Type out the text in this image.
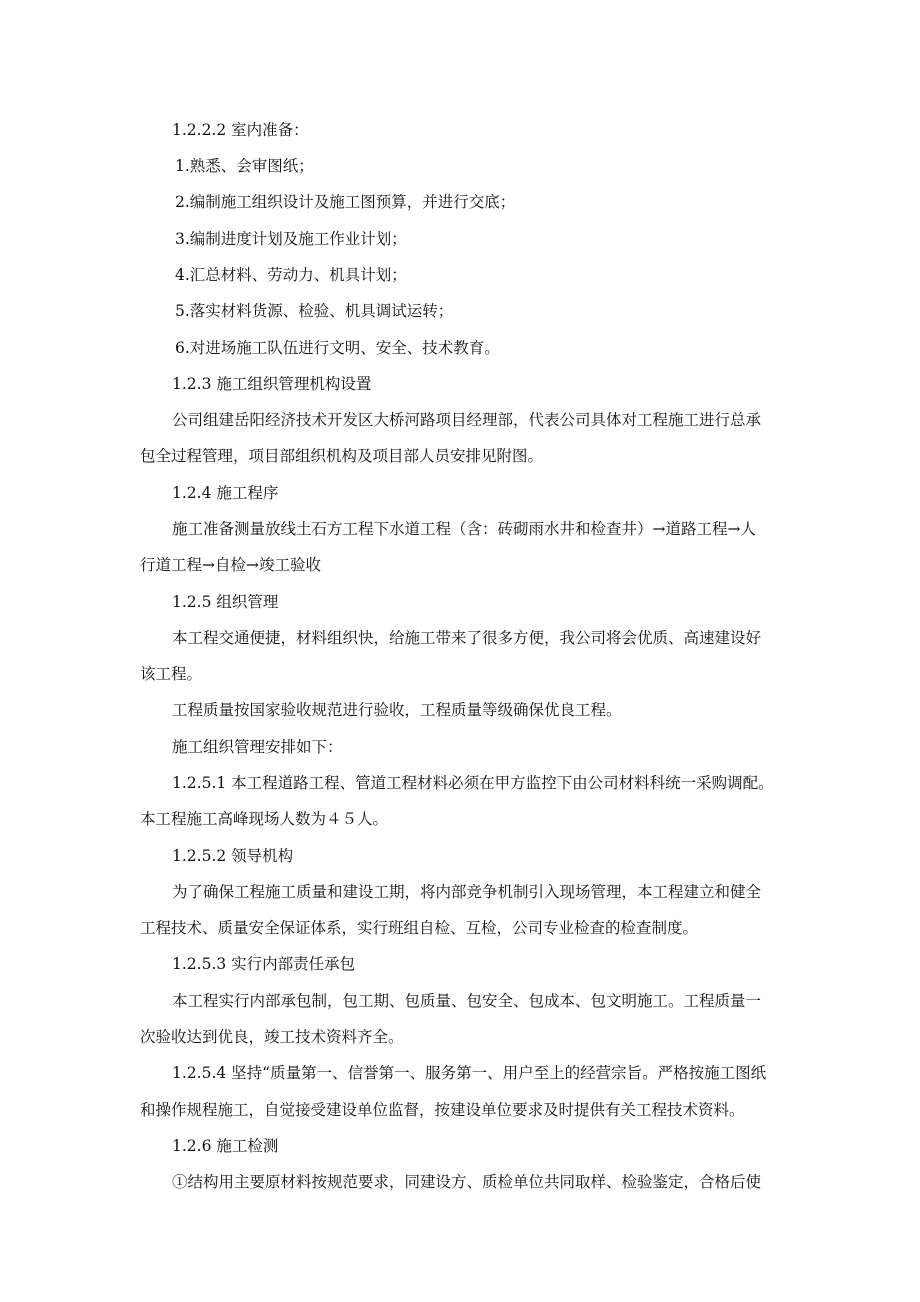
1.2.2.2 室内准备：
1.熟悉、会审图纸；
2.编制施工组织设计及施工图预算，并进行交底；
3.编制进度计划及施工作业计划；
4.汇总材料、劳动力、机具计划；
5.落实材料货源、检验、机具调试运转；
6.对进场施工队伍进行文明、安全、技术教育。
1.2.3 施工组织管理机构设置
公司组建岳阳经济技术开发区大桥河路项目经理部，代表公司具体对工程施工进行总承
包全过程管理，项目部组织机构及项目部人员安排见附图。
1.2.4 施工程序
施工准备测量放线土石方工程下水道工程（含：砖砌雨水井和检查井）→道路工程→人
行道工程→自检→竣工验收
1.2.5 组织管理
本工程交通便捷，材料组织快，给施工带来了很多方便，我公司将会优质、高速建设好
该工程。
工程质量按国家验收规范进行验收，工程质量等级确保优良工程。
施工组织管理安排如下：
1.2.5.1 本工程道路工程、管道工程材料必须在甲方监控下由公司材料科统一采购调配。
本工程施工高峰现场人数为４５人。
1.2.5.2 领导机构
为了确保工程施工质量和建设工期，将内部竞争机制引入现场管理，本工程建立和健全
工程技术、质量安全保证体系，实行班组自检、互检，公司专业检查的检查制度。
1.2.5.3 实行内部责任承包
本工程实行内部承包制，包工期、包质量、包安全、包成本、包文明施工。工程质量一
次验收达到优良，竣工技术资料齐全。
1.2.5.4 坚持“质量第一、信誉第一、服务第一、用户至上的经营宗旨。严格按施工图纸
和操作规程施工，自觉接受建设单位监督，按建设单位要求及时提供有关工程技术资料。
1.2.6 施工检测
①结构用主要原材料按规范要求，同建设方、质检单位共同取样、检验鉴定，合格后使
